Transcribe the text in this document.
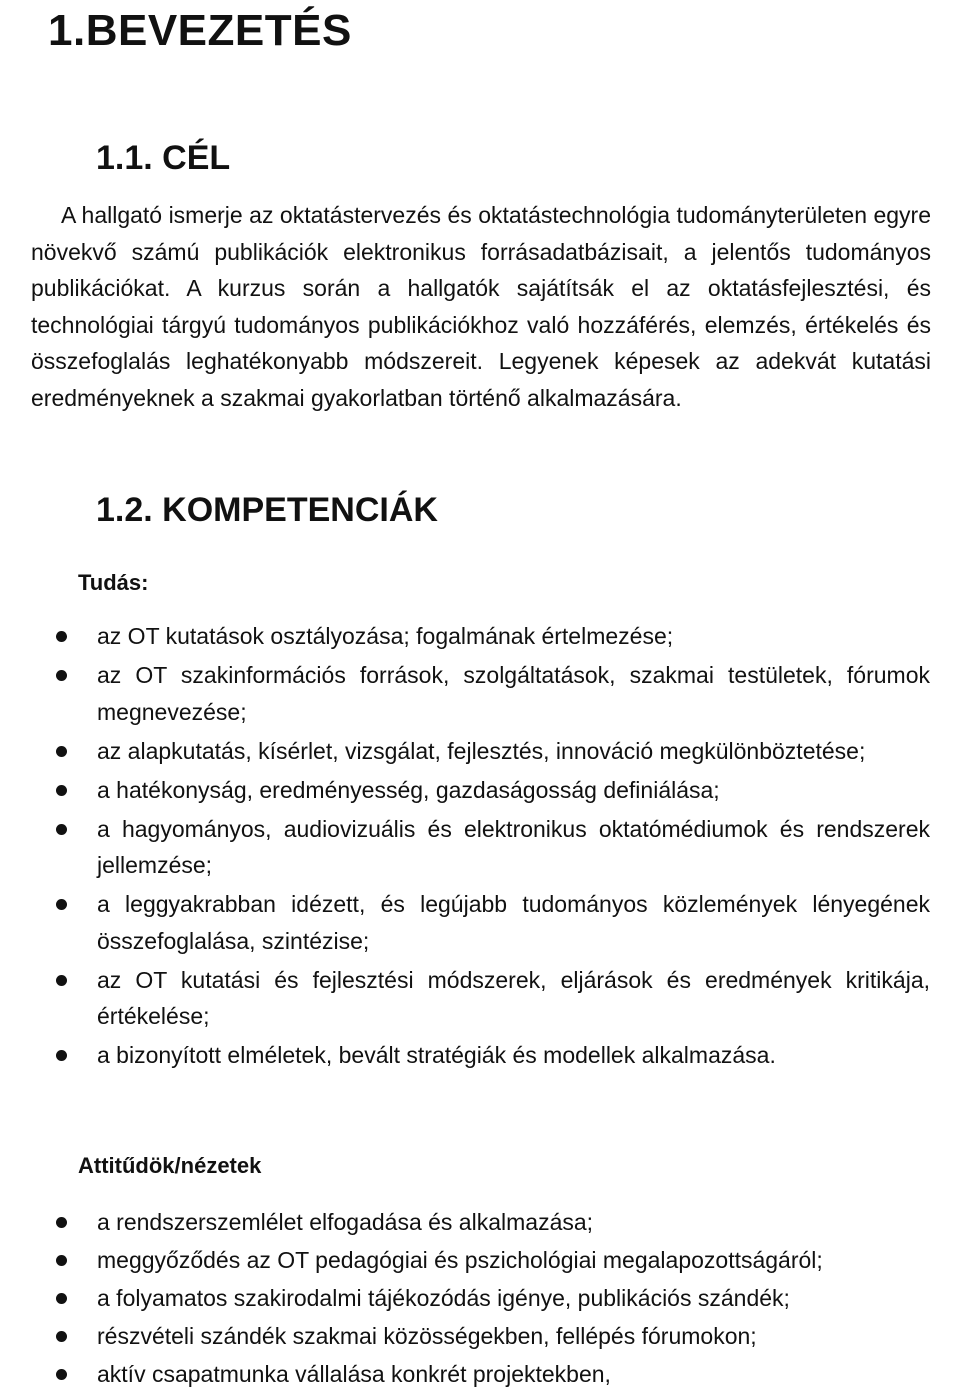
1.BEVEZETÉS
1.1. CÉL

A hallgató ismerje az oktatástervezés és oktatástechnológia tudományterületen egyre növekvő számú publikációk elektronikus forrásadatbázisait, a jelentős tudományos publikációkat. A kurzus során a hallgatók sajátítsák el az oktatásfejlesztési, és technológiai tárgyú tudományos publikációkhoz való hozzáférés, elemzés, értékelés és összefoglalás leghatékonyabb módszereit. Legyenek képesek az adekvát kutatási eredményeknek a szakmai gyakorlatban történő alkalmazására.

1.2. KOMPETENCIÁK
Tudás:
az OT kutatások osztályozása; fogalmának értelmezése;
az OT szakinformációs források, szolgáltatások, szakmai testületek, fórumok megnevezése;
az alapkutatás, kísérlet, vizsgálat, fejlesztés, innováció megkülönböztetése;
a hatékonyság, eredményesség, gazdaságosság definiálása;
a hagyományos, audiovizuális és elektronikus oktatómédiumok és rendszerek jellemzése;
a leggyakrabban idézett, és legújabb tudományos közlemények lényegének összefoglalása, szintézise;
az OT kutatási és fejlesztési módszerek, eljárások és eredmények kritikája, értékelése;
a bizonyított elméletek, bevált stratégiák és modellek alkalmazása.
Attitűdök/nézetek
a rendszerszemlélet elfogadása és alkalmazása;
meggyőződés az OT pedagógiai és pszichológiai megalapozottságáról;
a folyamatos szakirodalmi tájékozódás igénye, publikációs szándék;
részvételi szándék szakmai közösségekben, fellépés fórumokon;
aktív csapatmunka vállalása konkrét projektekben,
